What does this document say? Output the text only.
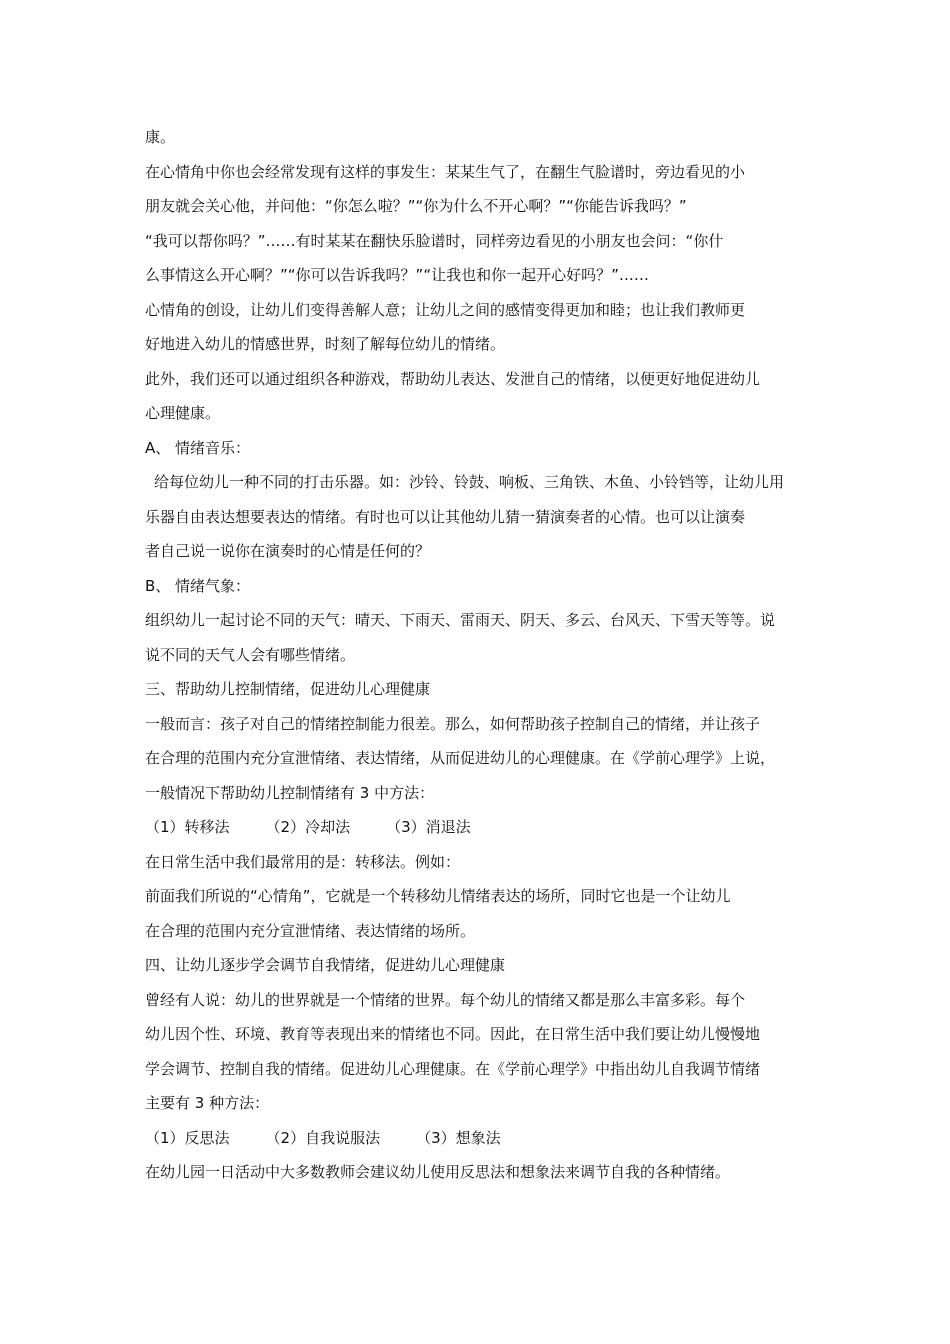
康。
在心情角中你也会经常发现有这样的事发生：某某生气了，在翻生气脸谱时，旁边看见的小
朋友就会关心他，并问他：“你怎么啦？”“你为什么不开心啊？”“你能告诉我吗？”
“我可以帮你吗？”……有时某某在翻快乐脸谱时，同样旁边看见的小朋友也会问：“你什
么事情这么开心啊？”“你可以告诉我吗？”“让我也和你一起开心好吗？”……
心情角的创设，让幼儿们变得善解人意；让幼儿之间的感情变得更加和睦；也让我们教师更
好地进入幼儿的情感世界，时刻了解每位幼儿的情绪。
此外，我们还可以通过组织各种游戏，帮助幼儿表达、发泄自己的情绪，以便更好地促进幼儿
心理健康。
A、 情绪音乐：
给每位幼儿一种不同的打击乐器。如：沙铃、铃鼓、响板、三角铁、木鱼、小铃铛等，让幼儿用
乐器自由表达想要表达的情绪。有时也可以让其他幼儿猜一猜演奏者的心情。也可以让演奏
者自己说一说你在演奏时的心情是任何的？
B、 情绪气象：
组织幼儿一起讨论不同的天气：晴天、下雨天、雷雨天、阴天、多云、台风天、下雪天等等。说
说不同的天气人会有哪些情绪。
三、帮助幼儿控制情绪，促进幼儿心理健康
一般而言：孩子对自己的情绪控制能力很差。那么，如何帮助孩子控制自己的情绪，并让孩子
在合理的范围内充分宣泄情绪、表达情绪，从而促进幼儿的心理健康。在《学前心理学》上说，
一般情况下帮助幼儿控制情绪有 3 中方法：
（1）转移法 （2）冷却法 （3）消退法
在日常生活中我们最常用的是：转移法。例如：
前面我们所说的“心情角”，它就是一个转移幼儿情绪表达的场所，同时它也是一个让幼儿
在合理的范围内充分宣泄情绪、表达情绪的场所。
四、让幼儿逐步学会调节自我情绪，促进幼儿心理健康
曾经有人说：幼儿的世界就是一个情绪的世界。每个幼儿的情绪又都是那么丰富多彩。每个
幼儿因个性、环境、教育等表现出来的情绪也不同。因此，在日常生活中我们要让幼儿慢慢地
学会调节、控制自我的情绪。促进幼儿心理健康。在《学前心理学》中指出幼儿自我调节情绪
主要有 3 种方法：
（1）反思法 （2）自我说服法 （3）想象法
在幼儿园一日活动中大多数教师会建议幼儿使用反思法和想象法来调节自我的各种情绪。
